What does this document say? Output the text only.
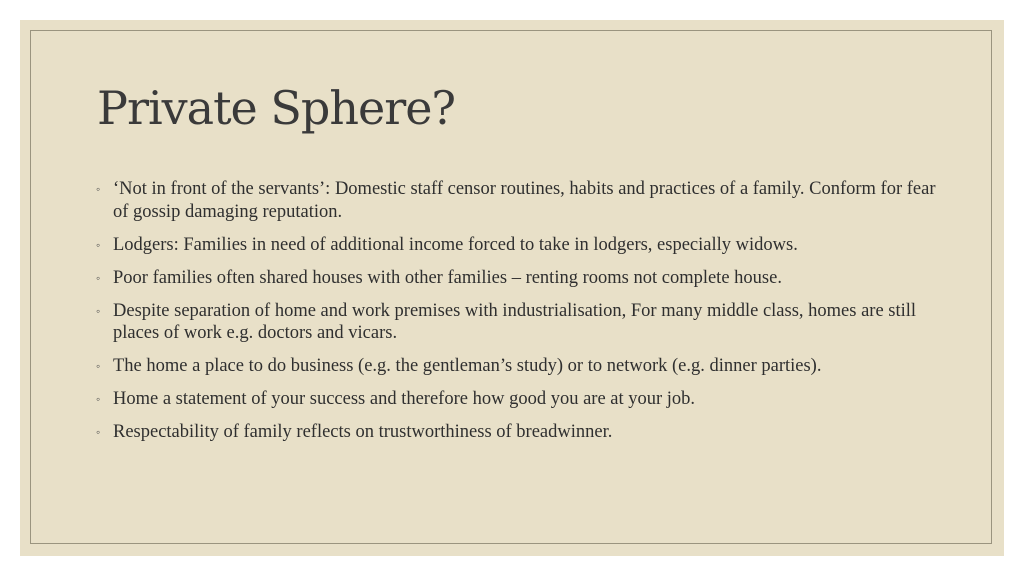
Private Sphere?
◦ ‘Not in front of the servants’: Domestic staff censor routines, habits and practices of a family. Conform for fear of gossip damaging reputation.
◦ Lodgers: Families in need of additional income forced to take in lodgers, especially widows.
◦ Poor families often shared houses with other families – renting rooms not complete house.
◦ Despite separation of home and work premises with industrialisation, For many middle class, homes are still places of work e.g. doctors and vicars.
◦ The home a place to do business (e.g. the gentleman’s study) or to network (e.g. dinner parties).
◦ Home a statement of your success and therefore how good you are at your job.
◦ Respectability of family reflects on trustworthiness of breadwinner.
